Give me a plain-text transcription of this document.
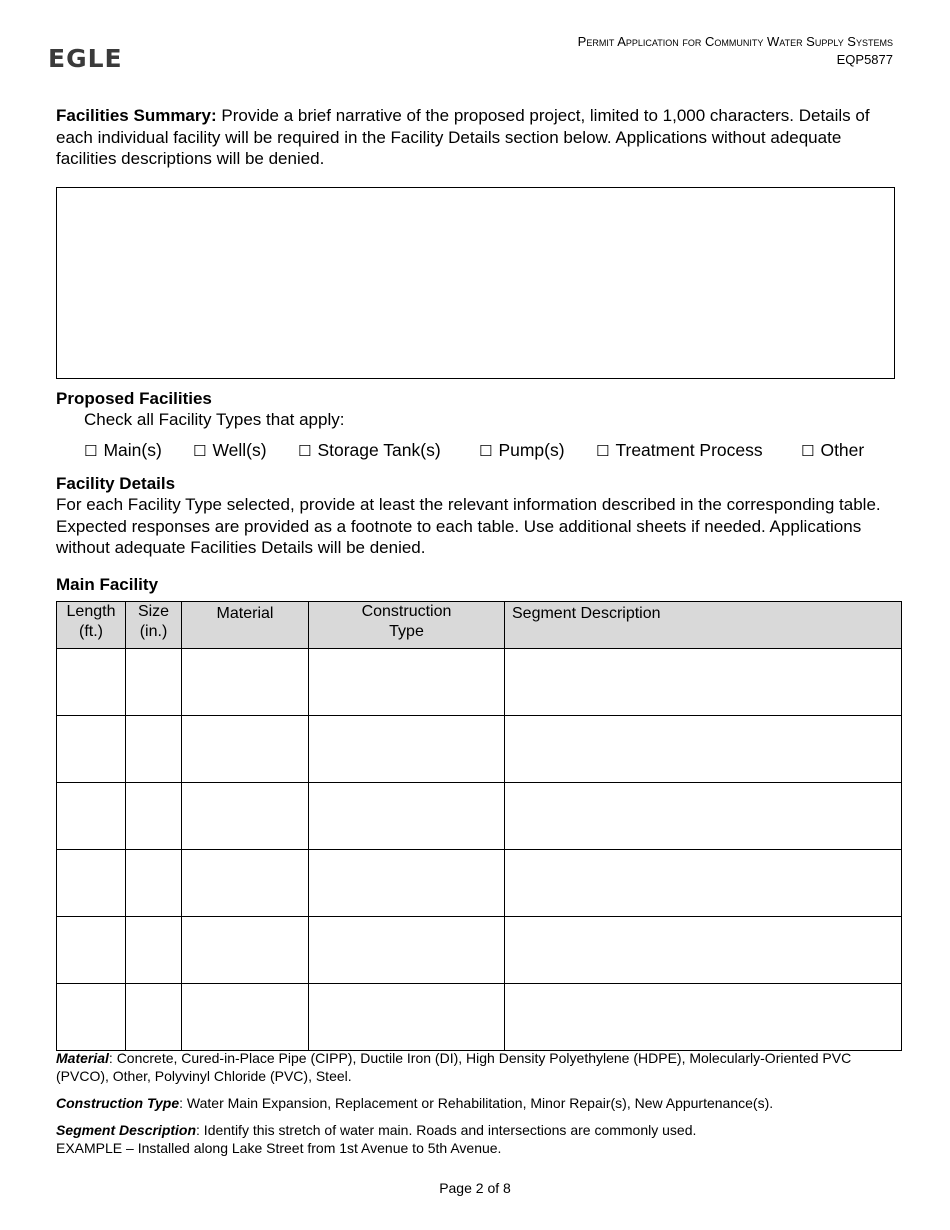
EGLE
Permit Application for Community Water Supply Systems
EQP5877
Facilities Summary: Provide a brief narrative of the proposed project, limited to 1,000 characters. Details of each individual facility will be required in the Facility Details section below. Applications without adequate facilities descriptions will be denied.
Proposed Facilities
Check all Facility Types that apply:
☐ Main(s) ☐ Well(s) ☐ Storage Tank(s)	☐ Pump(s) ☐ Treatment Process	☐ Other
Facility Details
For each Facility Type selected, provide at least the relevant information described in the corresponding table. Expected responses are provided as a footnote to each table. Use additional sheets if needed. Applications without adequate Facilities Details will be denied.
Main Facility
Length
(ft.)	Size
(in.)	Material	Construction
Type	Segment Description

Material: Concrete, Cured-in-Place Pipe (CIPP), Ductile Iron (DI), High Density Polyethylene (HDPE), Molecularly-Oriented PVC (PVCO), Other, Polyvinyl Chloride (PVC), Steel.
Construction Type: Water Main Expansion, Replacement or Rehabilitation, Minor Repair(s), New Appurtenance(s).
Segment Description: Identify this stretch of water main. Roads and intersections are commonly used.
EXAMPLE – Installed along Lake Street from 1st Avenue to 5th Avenue.
Page 2 of 8
